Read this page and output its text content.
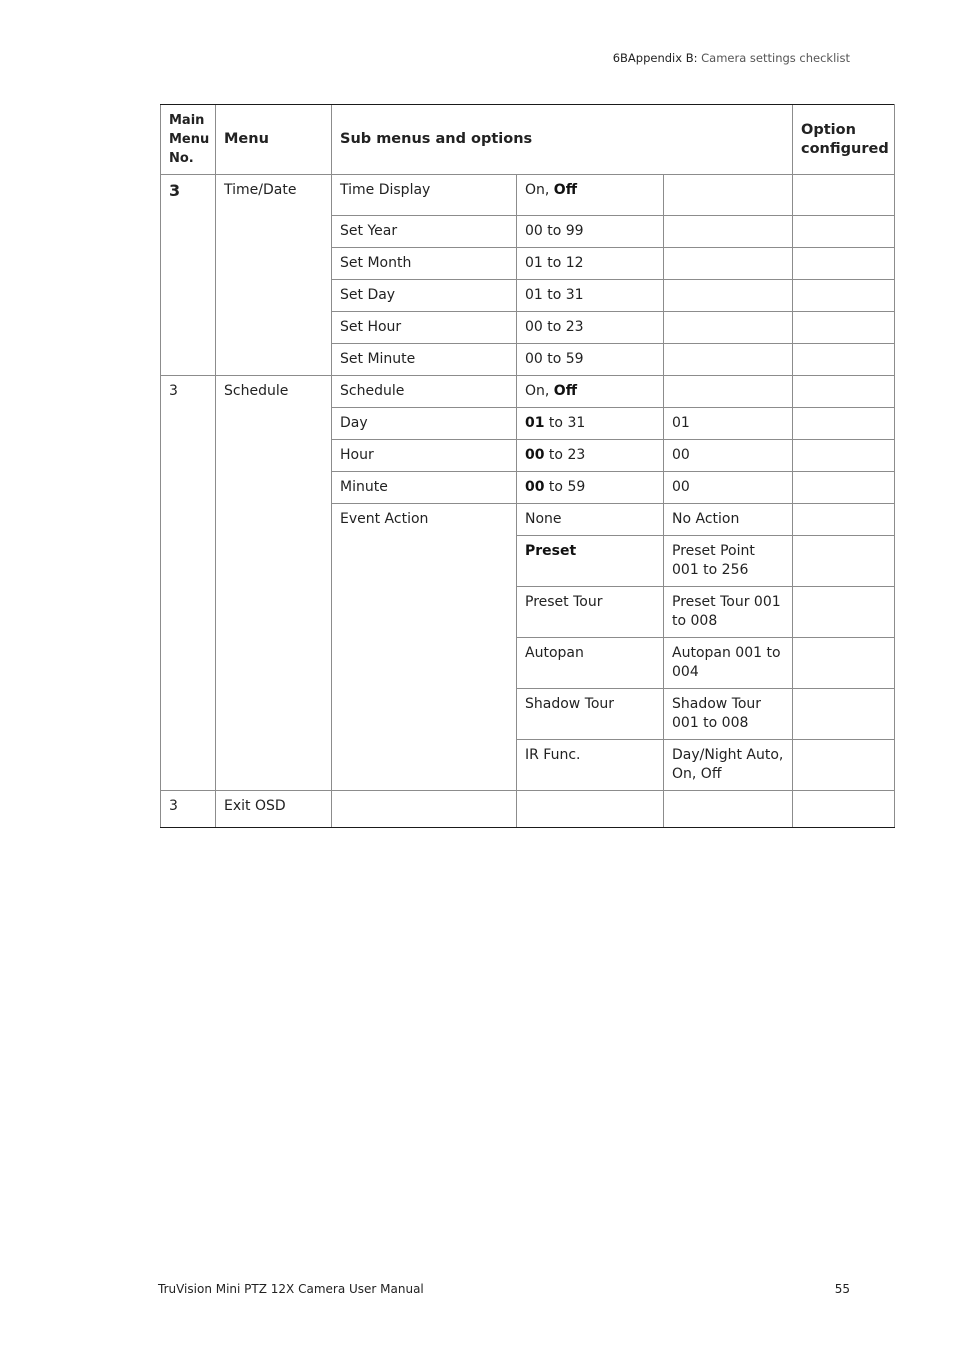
6BAppendix B: Camera settings checklist
Main
Menu
No.	Menu	Sub menus and options			Option
configured
3	Time/Date	Time Display	On, Off		
		Set Year	00 to 99		
		Set Month	01 to 12		
		Set Day	01 to 31		
		Set Hour	00 to 23		
		Set Minute	00 to 59		
3	Schedule	Schedule	On, Off		
		Day	01 to 31	01	
		Hour	00 to 23	00	
		Minute	00 to 59	00	
		Event Action	None	No Action	
			Preset	Preset Point 001 to 256	
			Preset Tour	Preset Tour 001 to 008	
			Autopan	Autopan 001 to 004	
			Shadow Tour	Shadow Tour 001 to 008	
			IR Func.	Day/Night Auto, On, Off	
3	Exit OSD				
TruVision Mini PTZ 12X Camera User Manual	55
